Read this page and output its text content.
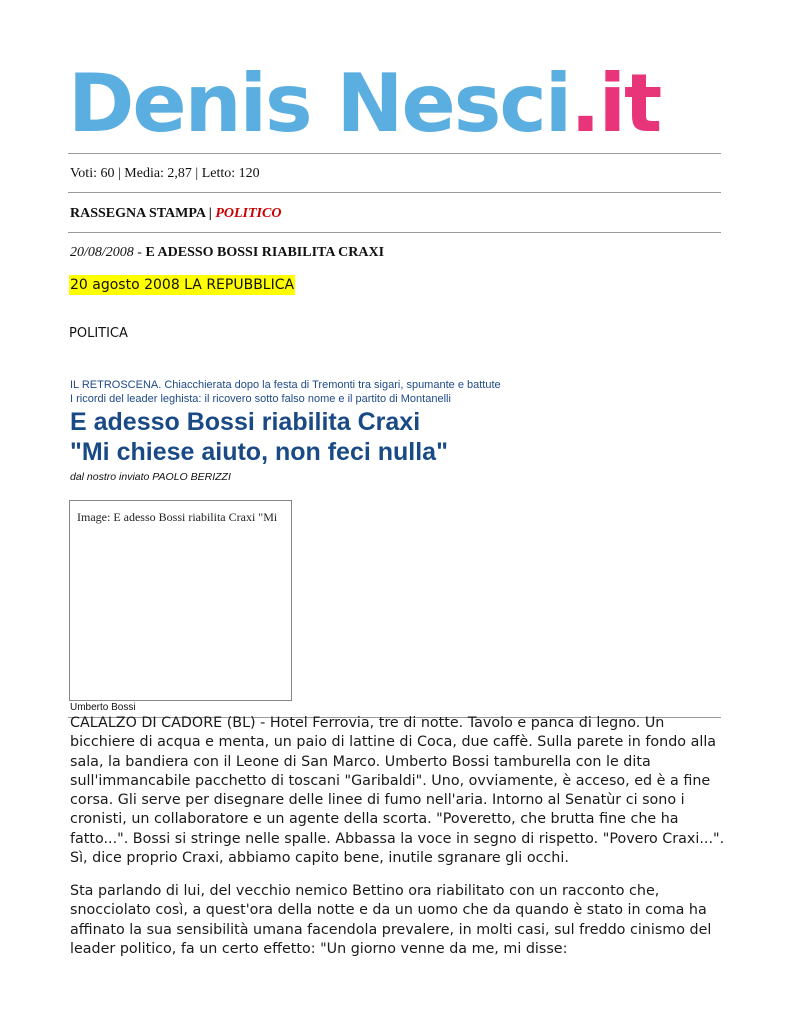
Denis Nesci.it
Voti: 60 | Media: 2,87 | Letto: 120
RASSEGNA STAMPA | POLITICO
20/08/2008 - E ADESSO BOSSI RIABILITA CRAXI
20 agosto 2008 LA REPUBBLICA
POLITICA
IL RETROSCENA. Chiacchierata dopo la festa di Tremonti tra sigari, spumante e battute
I ricordi del leader leghista: il ricovero sotto falso nome e il partito di Montanelli
E adesso Bossi riabilita Craxi
"Mi chiese aiuto, non feci nulla"
dal nostro inviato PAOLO BERIZZI
Image: E adesso Bossi riabilita Craxi "Mi
Umberto Bossi
CALALZO DI CADORE (BL) - Hotel Ferrovia, tre di notte. Tavolo e panca di legno. Un bicchiere di acqua e menta, un paio di lattine di Coca, due caffè. Sulla parete in fondo alla sala, la bandiera con il Leone di San Marco. Umberto Bossi tamburella con le dita sull'immancabile pacchetto di toscani "Garibaldi". Uno, ovviamente, è acceso, ed è a fine corsa. Gli serve per disegnare delle linee di fumo nell'aria. Intorno al Senatùr ci sono i cronisti, un collaboratore e un agente della scorta. "Poveretto, che brutta fine che ha fatto...". Bossi si stringe nelle spalle. Abbassa la voce in segno di rispetto. "Povero Craxi...". Sì, dice proprio Craxi, abbiamo capito bene, inutile sgranare gli occhi.
Sta parlando di lui, del vecchio nemico Bettino ora riabilitato con un racconto che, snocciolato così, a quest'ora della notte e da un uomo che da quando è stato in coma ha affinato la sua sensibilità umana facendola prevalere, in molti casi, sul freddo cinismo del leader politico, fa un certo effetto: "Un giorno venne da me, mi disse:
